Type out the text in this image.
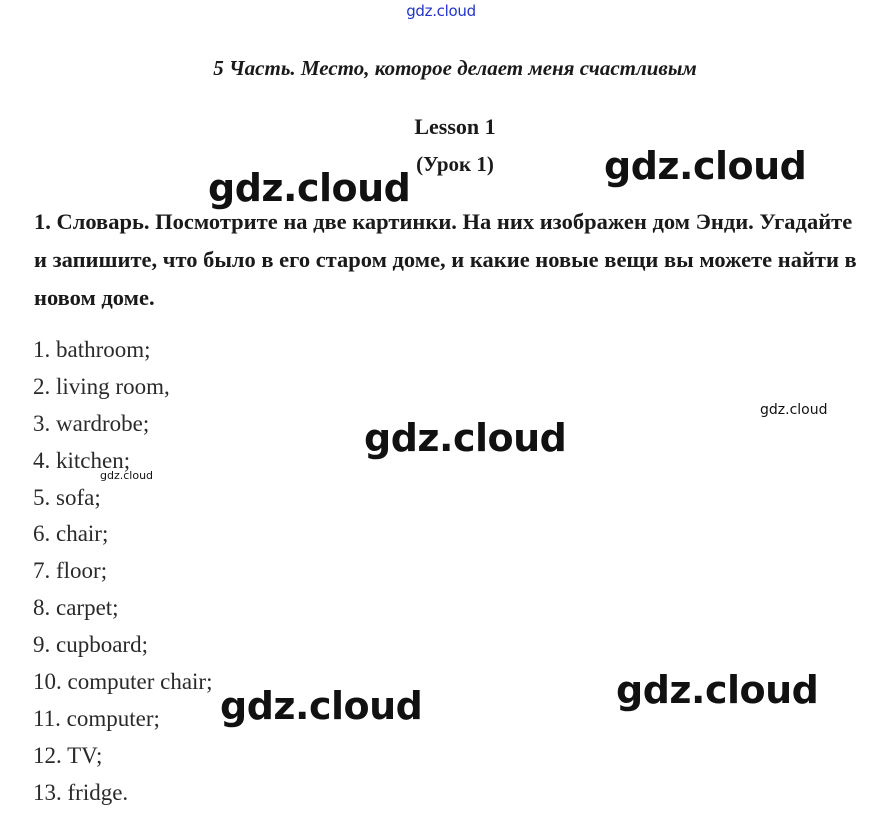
gdz.cloud
5 Часть. Место, которое делает меня счастливым
Lesson 1
(Урок 1)
1. Словарь. Посмотрите на две картинки. На них изображен дом Энди. Угадайте и запишите, что было в его старом доме, и какие новые вещи вы можете найти в новом доме.
1. bathroom;
2. living room,
3. wardrobe;
4. kitchen;
5. sofa;
6. chair;
7. floor;
8. carpet;
9. cupboard;
10. computer chair;
11. computer;
12. TV;
13. fridge.
gdz.cloud	gdz.cloud
gdz.cloud
gdz.cloud
gdz.cloud
gdz.cloud	gdz.cloud
